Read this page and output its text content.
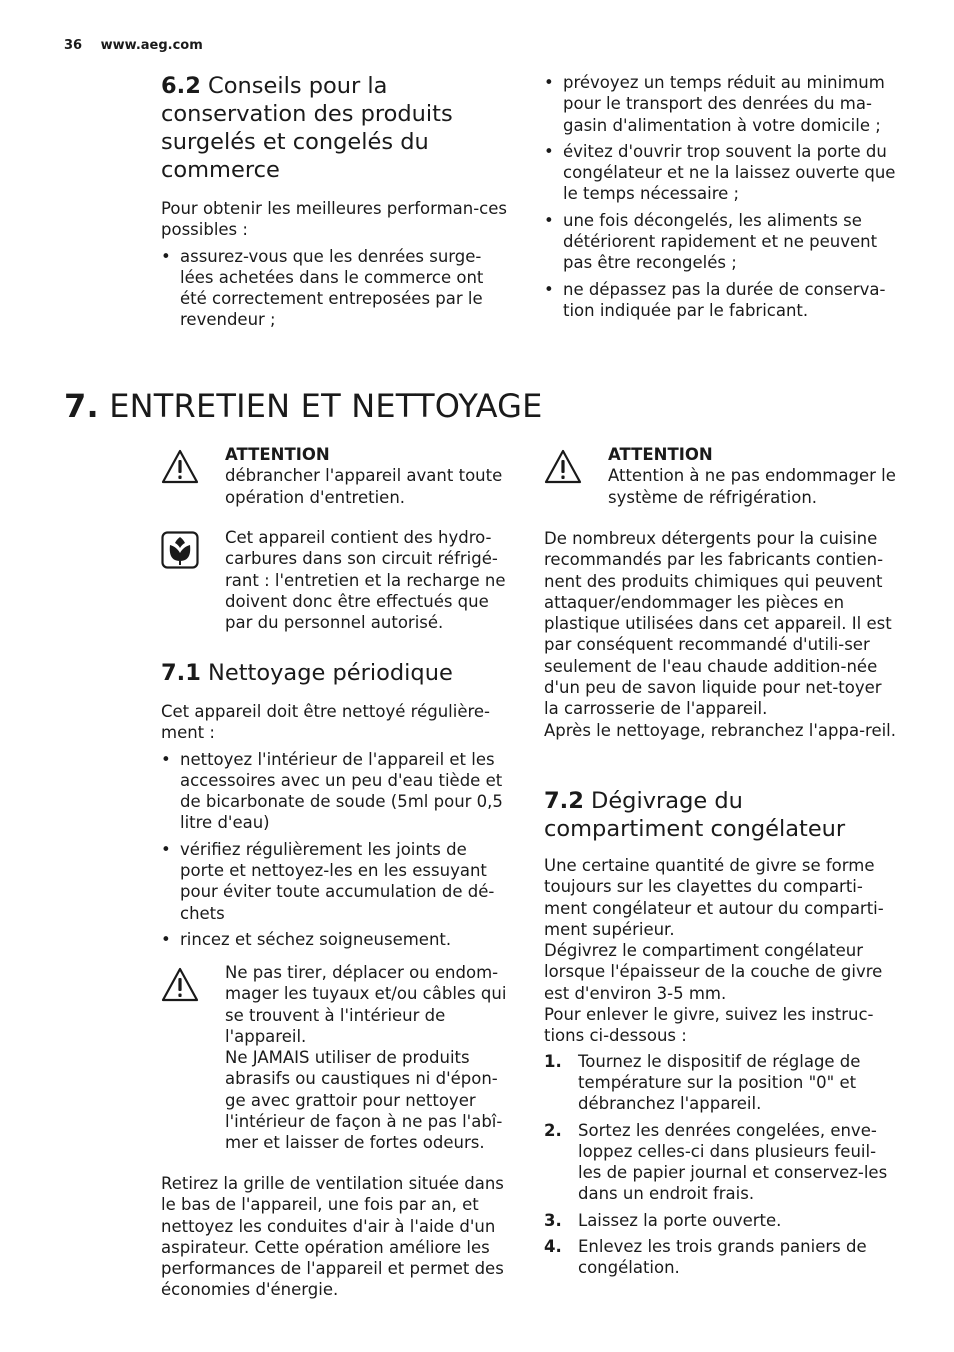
36 www.aeg.com
6.2 Conseils pour la conservation des produits surgelés et congelés du commerce
Pour obtenir les meilleures performan-ces possibles :
• assurez-vous que les denrées surge-lées achetées dans le commerce ont été correctement entreposées par le revendeur ;
• prévoyez un temps réduit au minimum pour le transport des denrées du ma-gasin d'alimentation à votre domicile ;
• évitez d'ouvrir trop souvent la porte du congélateur et ne la laissez ouverte que le temps nécessaire ;
• une fois décongelés, les aliments se détériorent rapidement et ne peuvent pas être recongelés ;
• ne dépassez pas la durée de conserva-tion indiquée par le fabricant.
7. ENTRETIEN ET NETTOYAGE
ATTENTION
débrancher l'appareil avant toute opération d'entretien.
Cet appareil contient des hydro-carbures dans son circuit réfrigé-rant : l'entretien et la recharge ne doivent donc être effectués que par du personnel autorisé.
7.1 Nettoyage périodique
Cet appareil doit être nettoyé régulière-ment :
• nettoyez l'intérieur de l'appareil et les accessoires avec un peu d'eau tiède et de bicarbonate de soude (5ml pour 0,5 litre d'eau)
• vérifiez régulièrement les joints de porte et nettoyez-les en les essuyant pour éviter toute accumulation de dé-chets
• rincez et séchez soigneusement.
Ne pas tirer, déplacer ou endom-mager les tuyaux et/ou câbles qui se trouvent à l'intérieur de l'appareil.
Ne JAMAIS utiliser de produits abrasifs ou caustiques ni d'épon-ge avec grattoir pour nettoyer l'intérieur de façon à ne pas l'abî-mer et laisser de fortes odeurs.
Retirez la grille de ventilation située dans le bas de l'appareil, une fois par an, et nettoyez les conduites d'air à l'aide d'un aspirateur. Cette opération améliore les performances de l'appareil et permet des économies d'énergie.
ATTENTION
Attention à ne pas endommager le système de réfrigération.
De nombreux détergents pour la cuisine recommandés par les fabricants contien-nent des produits chimiques qui peuvent attaquer/endommager les pièces en plastique utilisées dans cet appareil. Il est par conséquent recommandé d'utili-ser seulement de l'eau chaude addition-née d'un peu de savon liquide pour net-toyer la carrosserie de l'appareil.
Après le nettoyage, rebranchez l'appa-reil.
7.2 Dégivrage du compartiment congélateur
Une certaine quantité de givre se forme toujours sur les clayettes du comparti-ment congélateur et autour du comparti-ment supérieur.
Dégivrez le compartiment congélateur lorsque l'épaisseur de la couche de givre est d'environ 3-5 mm.
Pour enlever le givre, suivez les instruc-tions ci-dessous :
1. Tournez le dispositif de réglage de température sur la position "0" et débranchez l'appareil.
2. Sortez les denrées congelées, enve-loppez celles-ci dans plusieurs feuil-les de papier journal et conservez-les dans un endroit frais.
3. Laissez la porte ouverte.
4. Enlevez les trois grands paniers de congélation.
